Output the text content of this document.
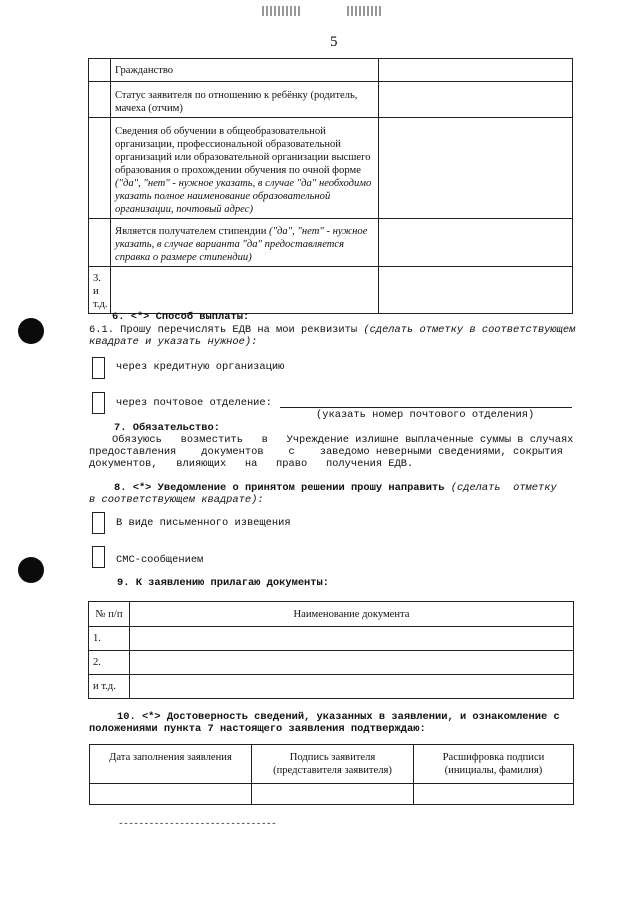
5
	Гражданство	
	Статус заявителя по отношению к ребёнку (родитель, мачеха (отчим)	
	Сведения об обучении в общеобразовательной организации, профессиональной образовательной организаций или образовательной организации высшего образования о прохождении обучения по очной форме ("да", "нет" - нужное указать, в случае "да" необходимо указать полное наименование образовательной организации, почтовый адрес)	
	Является получателем стипендии ("да", "нет" - нужное указать, в случае варианта "да" предоставляется справка о размере стипендии)	
3. и т.д.		
6. <*> Способ выплаты:
6.1. Прошу перечислять ЕДВ на мои реквизиты (сделать отметку в соответствующем
квадрате и указать нужное):
через кредитную организацию
через почтовое отделение:
(указать номер почтового отделения)
7. Обязательство:
Обязуюсь   возместить   в   Учреждение излишне выплаченные суммы в случаях
предоставления    документов    с    заведомо неверными сведениями, сокрытия
документов,   влияющих   на   право   получения ЕДВ.
8. <*> Уведомление о принятом решении прошу направить (сделать  отметку
в соответствующем квадрате):
В виде письменного извещения
СМС-сообщением
9. К заявлению прилагаю документы:
№ п/п	Наименование документа
1.	
2.	
и т.д.	
10. <*> Достоверность сведений, указанных в заявлении, и ознакомление с
положениями пункта 7 настоящего заявления подтверждаю:
Дата заполнения заявления	Подпись заявителя (представителя заявителя)	Расшифровка подписи (инициалы, фамилия)

-------------------------------
